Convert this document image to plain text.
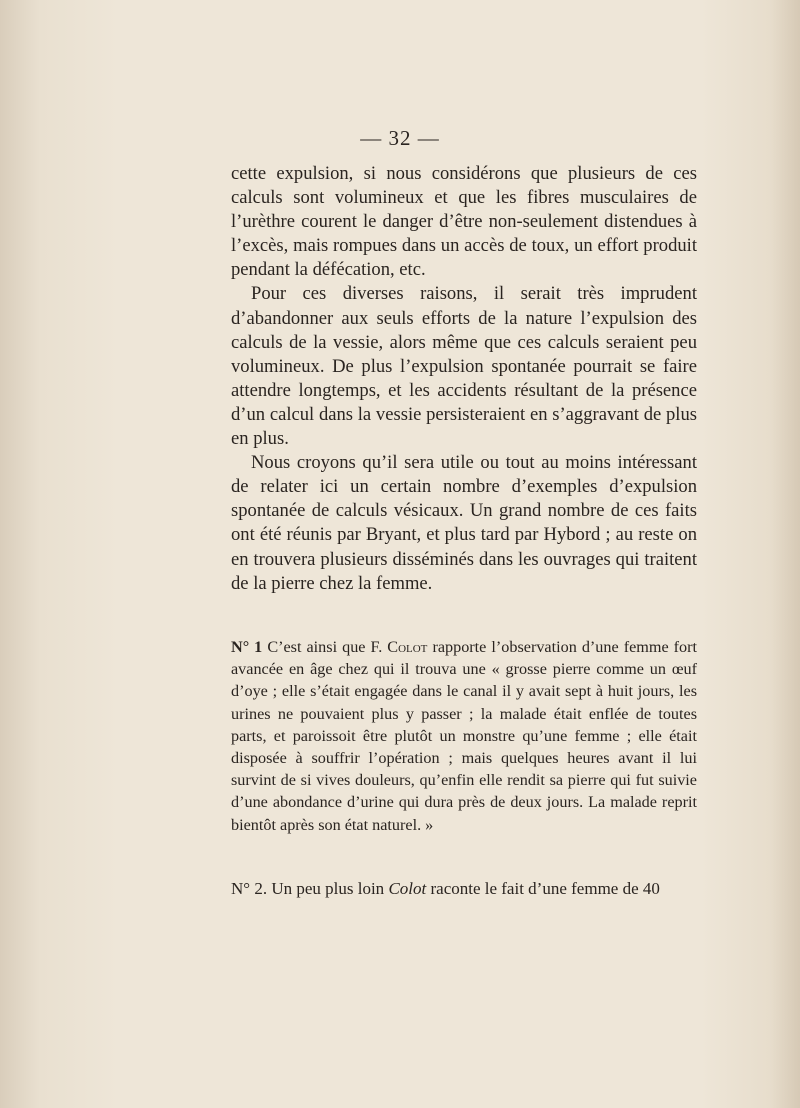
— 32 —

cette expulsion, si nous considérons que plusieurs de ces calculs sont volumineux et que les fibres musculaires de l’urèthre courent le danger d’être non-seulement distendues à l’excès, mais rompues dans un accès de toux, un effort produit pendant la défécation, etc.

Pour ces diverses raisons, il serait très imprudent d’abandonner aux seuls efforts de la nature l’expulsion des calculs de la vessie, alors même que ces calculs seraient peu volumineux. De plus l’expulsion spontanée pourrait se faire attendre longtemps, et les accidents résultant de la présence d’un calcul dans la vessie persisteraient en s’aggravant de plus en plus.

Nous croyons qu’il sera utile ou tout au moins intéressant de relater ici un certain nombre d’exemples d’expulsion spontanée de calculs vésicaux. Un grand nombre de ces faits ont été réunis par Bryant, et plus tard par Hybord ; au reste on en trouvera plusieurs disséminés dans les ouvrages qui traitent de la pierre chez la femme.

N° 1 C’est ainsi que F. Colot rapporte l’observation d’une femme fort avancée en âge chez qui il trouva une « grosse pierre comme un œuf d’oye ; elle s’était engagée dans le canal il y avait sept à huit jours, les urines ne pouvaient plus y passer ; la malade était enflée de toutes parts, et paroissoit être plutôt un monstre qu’une femme ; elle était disposée à souffrir l’opération ; mais quelques heures avant il lui survint de si vives douleurs, qu’enfin elle rendit sa pierre qui fut suivie d’une abondance d’urine qui dura près de deux jours. La malade reprit bientôt après son état naturel. »

N° 2. Un peu plus loin Colot raconte le fait d’une femme de 40
